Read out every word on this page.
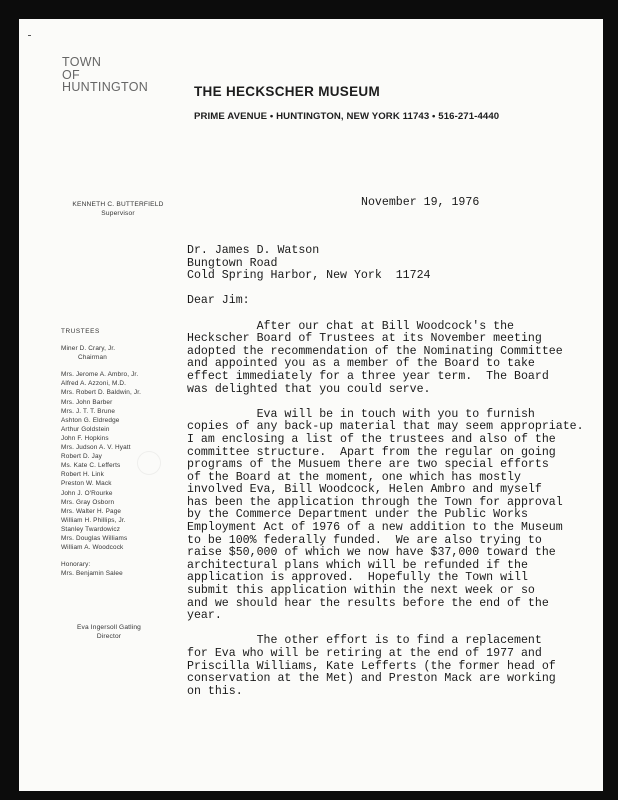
TOWN
OF
HUNTINGTON	THE HECKSCHER MUSEUM
PRIME AVENUE • HUNTINGTON, NEW YORK 11743 • 516-271-4440
KENNETH C. BUTTERFIELD
Supervisor
November 19, 1976
Dr. James D. Watson
Bungtown Road
Cold Spring Harbor, New York  11724
Dear Jim:
After our chat at Bill Woodcock's the
Heckscher Board of Trustees at its November meeting
adopted the recommendation of the Nominating Committee
and appointed you as a member of the Board to take
effect immediately for a three year term.  The Board
was delighted that you could serve.
Eva will be in touch with you to furnish
copies of any back-up material that may seem appropriate.
I am enclosing a list of the trustees and also of the
committee structure.  Apart from the regular on going
programs of the Musuem there are two special efforts
of the Board at the moment, one which has mostly
involved Eva, Bill Woodcock, Helen Ambro and myself
has been the application through the Town for approval
by the Commerce Department under the Public Works
Employment Act of 1976 of a new addition to the Museum
to be 100% federally funded.  We are also trying to
raise $50,000 of which we now have $37,000 toward the
architectural plans which will be refunded if the
application is approved.  Hopefully the Town will
submit this application within the next week or so
and we should hear the results before the end of the
year.
The other effort is to find a replacement
for Eva who will be retiring at the end of 1977 and
Priscilla Williams, Kate Lefferts (the former head of
conservation at the Met) and Preston Mack are working
on this.
TRUSTEES
Miner D. Crary, Jr.
Chairman
Mrs. Jerome A. Ambro, Jr.
Alfred A. Azzoni, M.D.
Mrs. Robert D. Baldwin, Jr.
Mrs. John Barber
Mrs. J. T. T. Brune
Ashton G. Eldredge
Arthur Goldstein
John F. Hopkins
Mrs. Judson A. V. Hyatt
Robert D. Jay
Ms. Kate C. Lefferts
Robert H. Link
Preston W. Mack
John J. O'Rourke
Mrs. Gray Osborn
Mrs. Walter H. Page
William H. Phillips, Jr.
Stanley Twardowicz
Mrs. Douglas Williams
William A. Woodcock
Honorary:
Mrs. Benjamin Salee
Eva Ingersoll Gatling
Director
